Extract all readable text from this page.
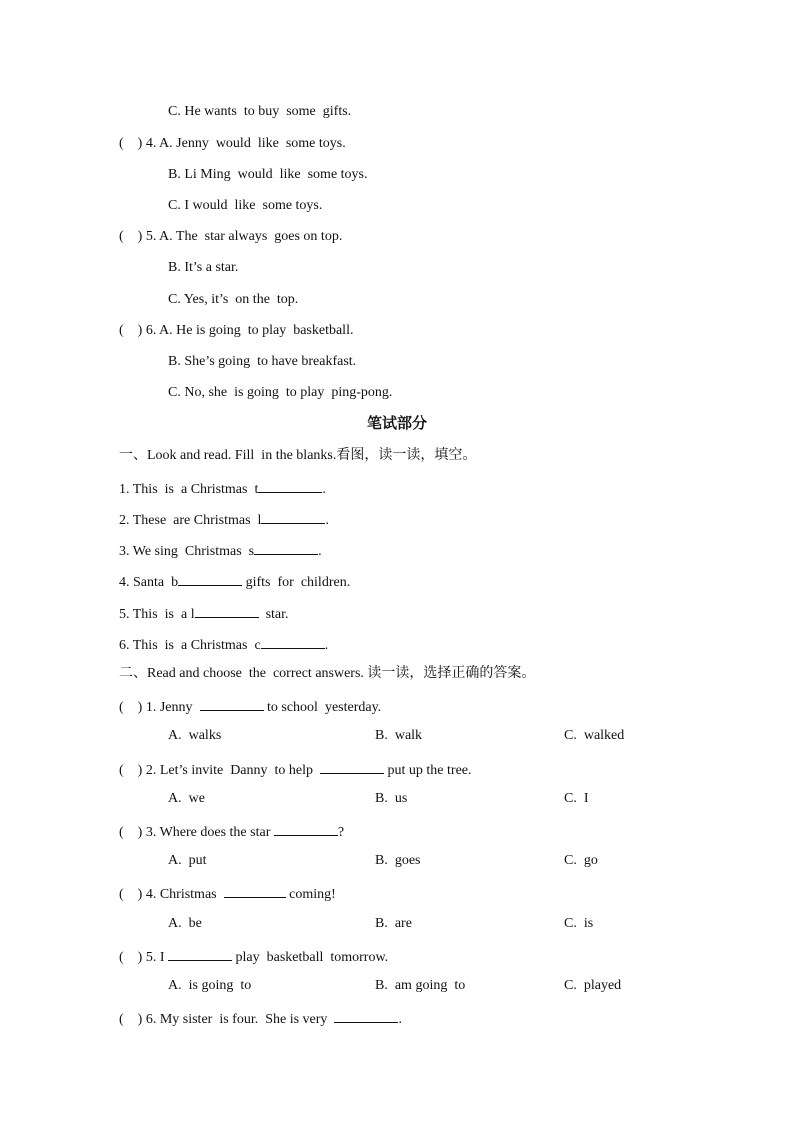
C. He wants  to buy  some  gifts.
(    ) 4. A. Jenny  would  like  some toys.
B. Li Ming  would  like  some toys.
C. I would  like  some toys.
(    ) 5. A. The  star always  goes on top.
B. It’s a star.
C. Yes, it’s  on the  top.
(    ) 6. A. He is going  to play  basketball.
B. She’s going  to have breakfast.
C. No, she  is going  to play  ping-pong.
笔试部分
一、Look and read. Fill  in the blanks.看图，读一读，填空。
1. This  is  a Christmas  t	.
2. These  are Christmas  l	.
3. We sing  Christmas  s	.
4. Santa  b	gifts  for  children.
5. This  is  a l	star.
6. This  is  a Christmas  c	.
二、Read and choose  the  correct answers. 读一读，选择正确的答案。
(    ) 1. Jenny	to school  yesterday.
A.  walks	B.  walk	C.  walked
(    ) 2. Let’s invite  Danny  to help	put up the tree.
A.  we	B.  us	C.  I
(    ) 3. Where does the star	?
A.  put	B.  goes	C.  go
(    ) 4. Christmas	coming!
A.  be	B.  are	C.  is
(    ) 5. I	play  basketball  tomorrow.
A.  is going  to	B.  am going  to	C.  played
(    ) 6. My sister  is four.  She is very	.
